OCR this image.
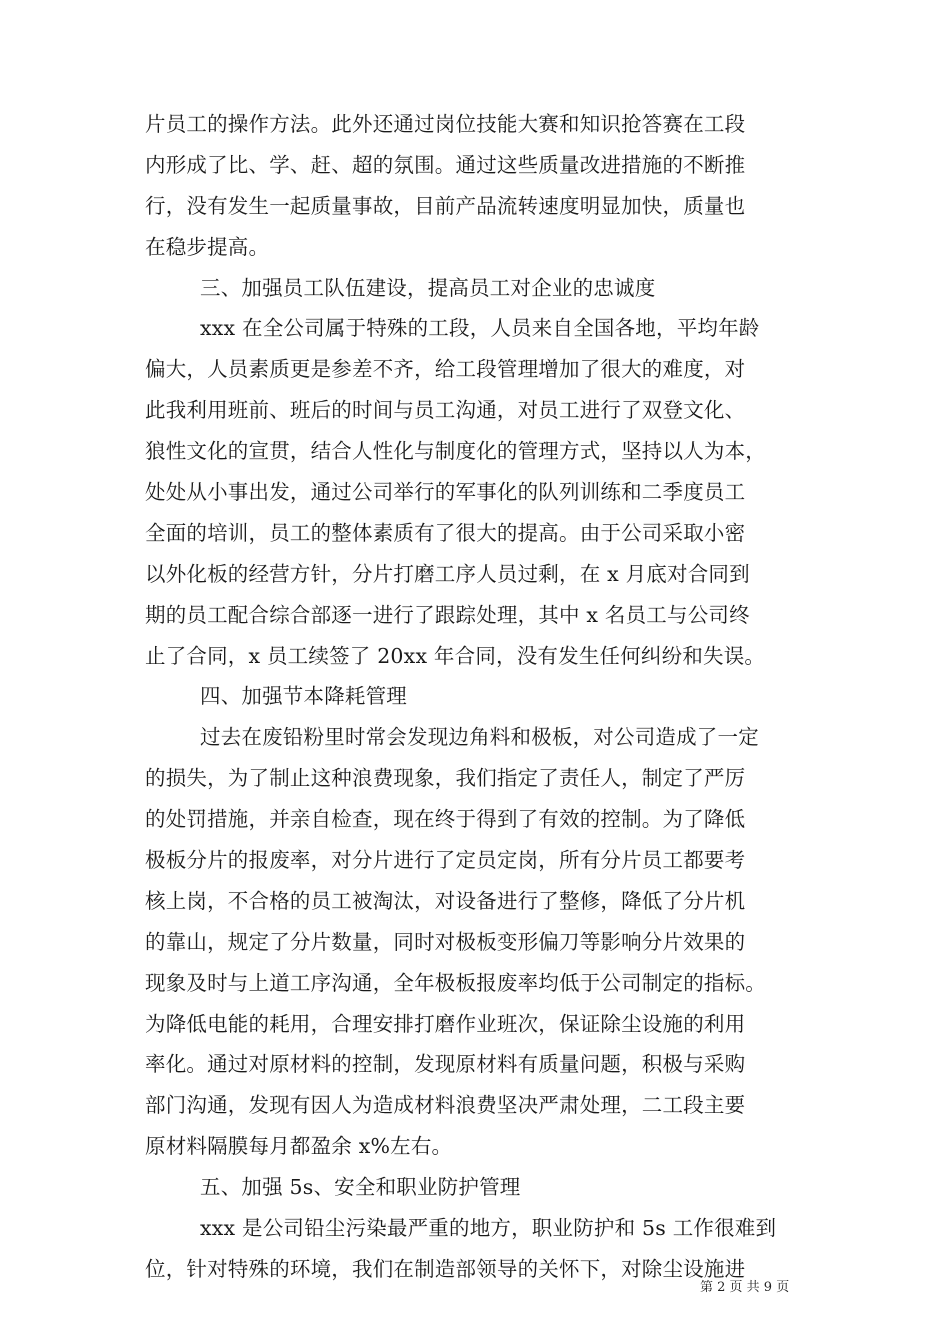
片员工的操作方法。此外还通过岗位技能大赛和知识抢答赛在工段
内形成了比、学、赶、超的氛围。通过这些质量改进措施的不断推
行，没有发生一起质量事故，目前产品流转速度明显加快，质量也
在稳步提高。
三、加强员工队伍建设，提高员工对企业的忠诚度
xxx 在全公司属于特殊的工段，人员来自全国各地，平均年龄
偏大，人员素质更是参差不齐，给工段管理增加了很大的难度，对
此我利用班前、班后的时间与员工沟通，对员工进行了双登文化、
狼性文化的宣贯，结合人性化与制度化的管理方式，坚持以人为本，
处处从小事出发，通过公司举行的军事化的队列训练和二季度员工
全面的培训，员工的整体素质有了很大的提高。由于公司采取小密
以外化板的经营方针，分片打磨工序人员过剩，在 x 月底对合同到
期的员工配合综合部逐一进行了跟踪处理，其中 x 名员工与公司终
止了合同，x 员工续签了 20xx 年合同，没有发生任何纠纷和失误。
四、加强节本降耗管理
过去在废铅粉里时常会发现边角料和极板，对公司造成了一定
的损失，为了制止这种浪费现象，我们指定了责任人，制定了严厉
的处罚措施，并亲自检查，现在终于得到了有效的控制。为了降低
极板分片的报废率，对分片进行了定员定岗，所有分片员工都要考
核上岗，不合格的员工被淘汰，对设备进行了整修，降低了分片机
的靠山，规定了分片数量，同时对极板变形偏刀等影响分片效果的
现象及时与上道工序沟通，全年极板报废率均低于公司制定的指标。
为降低电能的耗用，合理安排打磨作业班次，保证除尘设施的利用
率化。通过对原材料的控制，发现原材料有质量问题，积极与采购
部门沟通，发现有因人为造成材料浪费坚决严肃处理，二工段主要
原材料隔膜每月都盈余 x%左右。
五、加强 5s、安全和职业防护管理
xxx 是公司铅尘污染最严重的地方，职业防护和 5s 工作很难到
位，针对特殊的环境，我们在制造部领导的关怀下，对除尘设施进
第 2 页 共 9 页
